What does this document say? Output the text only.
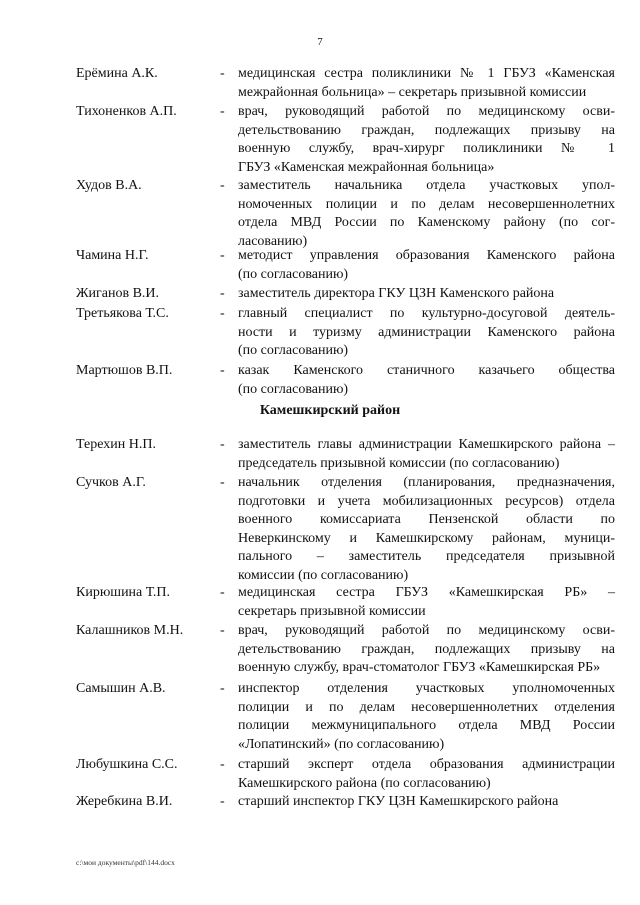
7
Ерёмина А.К.	- медицинская сестра поликлиники № 1 ГБУЗ «Каменская
межрайонная больница» – секретарь призывной комиссии
Тихоненков А.П.	- врач, руководящий работой по медицинскому осви-
детельствованию граждан, подлежащих призыву на
военную службу, врач-хирург поликлиники № 1
ГБУЗ «Каменская межрайонная больница»
Худов В.А.	- заместитель начальника отдела участковых упол-
номоченных полиции и по делам несовершеннолетних
отдела МВД России по Каменскому району (по сог-
ласованию)
Чамина Н.Г.	- методист управления образования Каменского района
(по согласованию)
Жиганов В.И.	- заместитель директора ГКУ ЦЗН Каменского района
Третьякова Т.С.	- главный специалист по культурно-досуговой деятель-
ности и туризму администрации Каменского района
(по согласованию)
Мартюшов В.П.	- казак Каменского станичного казачьего общества
(по согласованию)
Камешкирский район
Терехин Н.П.	- заместитель главы администрации Камешкирского района –
председатель призывной комиссии (по согласованию)
Сучков А.Г.	- начальник отделения (планирования, предназначения,
подготовки и учета мобилизационных ресурсов) отдела
военного комиссариата Пензенской области по
Неверкинскому и Камешкирскому районам, муници-
пального – заместитель председателя призывной
комиссии (по согласованию)
Кирюшина Т.П.	- медицинская сестра ГБУЗ «Камешкирская РБ» –
секретарь призывной комиссии
Калашников М.Н.	- врач, руководящий работой по медицинскому осви-
детельствованию граждан, подлежащих призыву на
военную службу, врач-стоматолог ГБУЗ «Камешкирская РБ»
Самышин А.В.	- инспектор отделения участковых уполномоченных
полиции и по делам несовершеннолетних отделения
полиции межмуниципального отдела МВД России
«Лопатинский» (по согласованию)
Любушкина С.С.	- старший эксперт отдела образования администрации
Камешкирского района (по согласованию)
Жеребкина В.И.	- старший инспектор ГКУ ЦЗН Камешкирского района
с:\мои документы\pdf\144.docx
